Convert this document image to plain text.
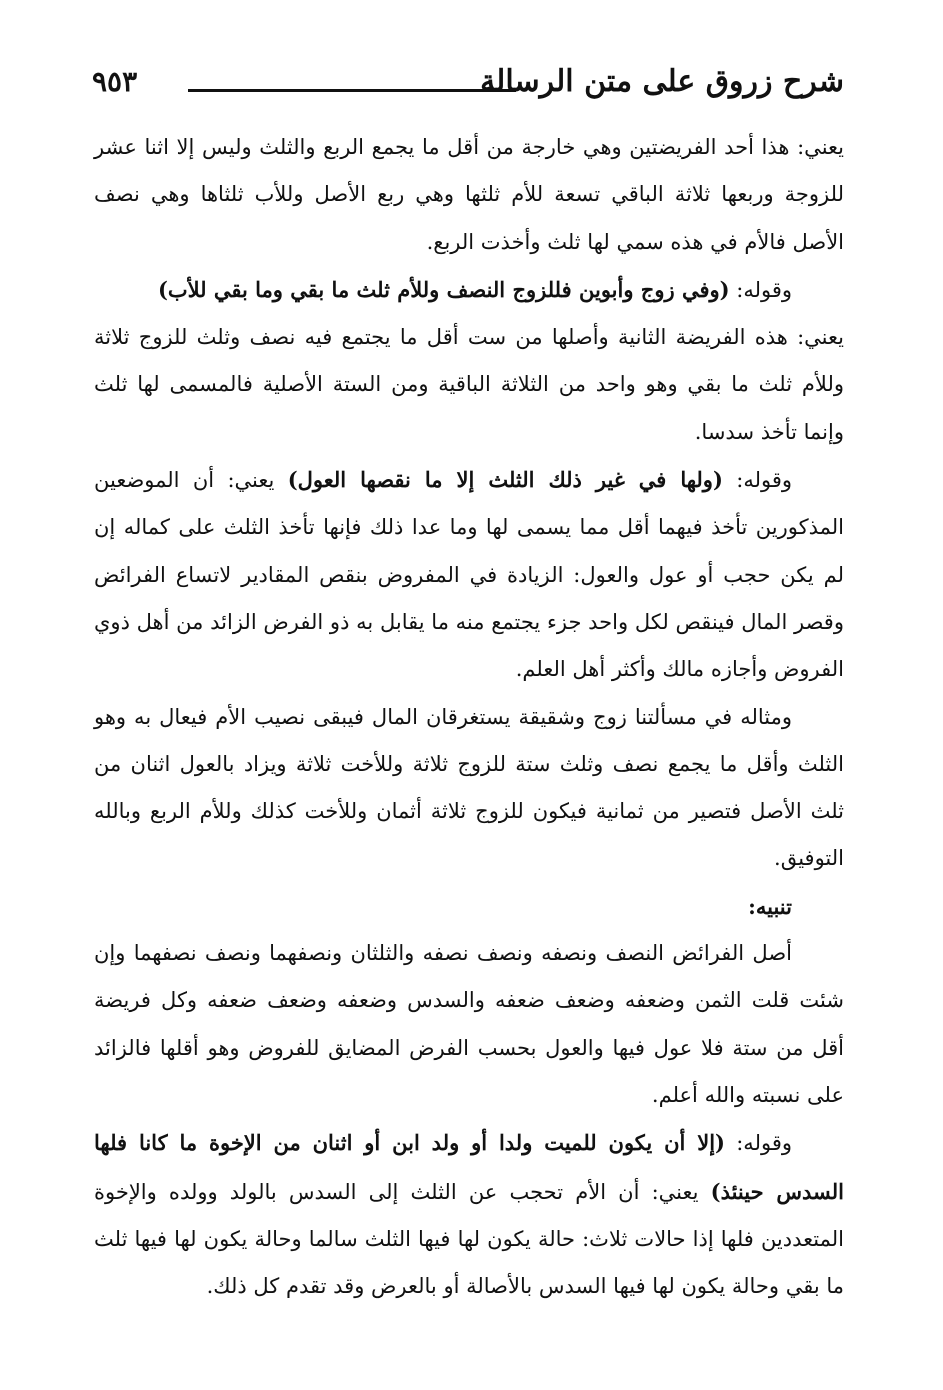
شرح زروق على متن الرسالة
٩٥٣

يعني: هذا أحد الفريضتين وهي خارجة من أقل ما يجمع الربع والثلث وليس إلا اثنا عشر للزوجة وربعها ثلاثة الباقي تسعة للأم ثلثها وهي ربع الأصل وللأب ثلثاها وهي نصف الأصل فالأم في هذه سمي لها ثلث وأخذت الربع.

وقوله: (وفي زوج وأبوين فللزوج النصف وللأم ثلث ما بقي وما بقي للأب)

يعني: هذه الفريضة الثانية وأصلها من ست أقل ما يجتمع فيه نصف وثلث للزوج ثلاثة وللأم ثلث ما بقي وهو واحد من الثلاثة الباقية ومن الستة الأصلية فالمسمى لها ثلث وإنما تأخذ سدسا.

وقوله: (ولها في غير ذلك الثلث إلا ما نقصها العول) يعني: أن الموضعين المذكورين تأخذ فيهما أقل مما يسمى لها وما عدا ذلك فإنها تأخذ الثلث على كماله إن لم يكن حجب أو عول والعول: الزيادة في المفروض بنقص المقادير لاتساع الفرائض وقصر المال فينقص لكل واحد جزء يجتمع منه ما يقابل به ذو الفرض الزائد من أهل ذوي الفروض وأجازه مالك وأكثر أهل العلم.

ومثاله في مسألتنا زوج وشقيقة يستغرقان المال فيبقى نصيب الأم فيعال به وهو الثلث وأقل ما يجمع نصف وثلث ستة للزوج ثلاثة وللأخت ثلاثة ويزاد بالعول اثنان من ثلث الأصل فتصير من ثمانية فيكون للزوج ثلاثة أثمان وللأخت كذلك وللأم الربع وبالله التوفيق.

تنبيه:

أصل الفرائض النصف ونصفه ونصف نصفه والثلثان ونصفهما ونصف نصفهما وإن شئت قلت الثمن وضعفه وضعف ضعفه والسدس وضعفه وضعف ضعفه وكل فريضة أقل من ستة فلا عول فيها والعول بحسب الفرض المضايق للفروض وهو أقلها فالزائد على نسبته والله أعلم.

وقوله: (إلا أن يكون للميت ولدا أو ولد ابن أو اثنان من الإخوة ما كانا فلها السدس حينئذ) يعني: أن الأم تحجب عن الثلث إلى السدس بالولد وولده والإخوة المتعددين فلها إذا حالات ثلاث: حالة يكون لها فيها الثلث سالما وحالة يكون لها فيها ثلث ما بقي وحالة يكون لها فيها السدس بالأصالة أو بالعرض وقد تقدم كل ذلك.
